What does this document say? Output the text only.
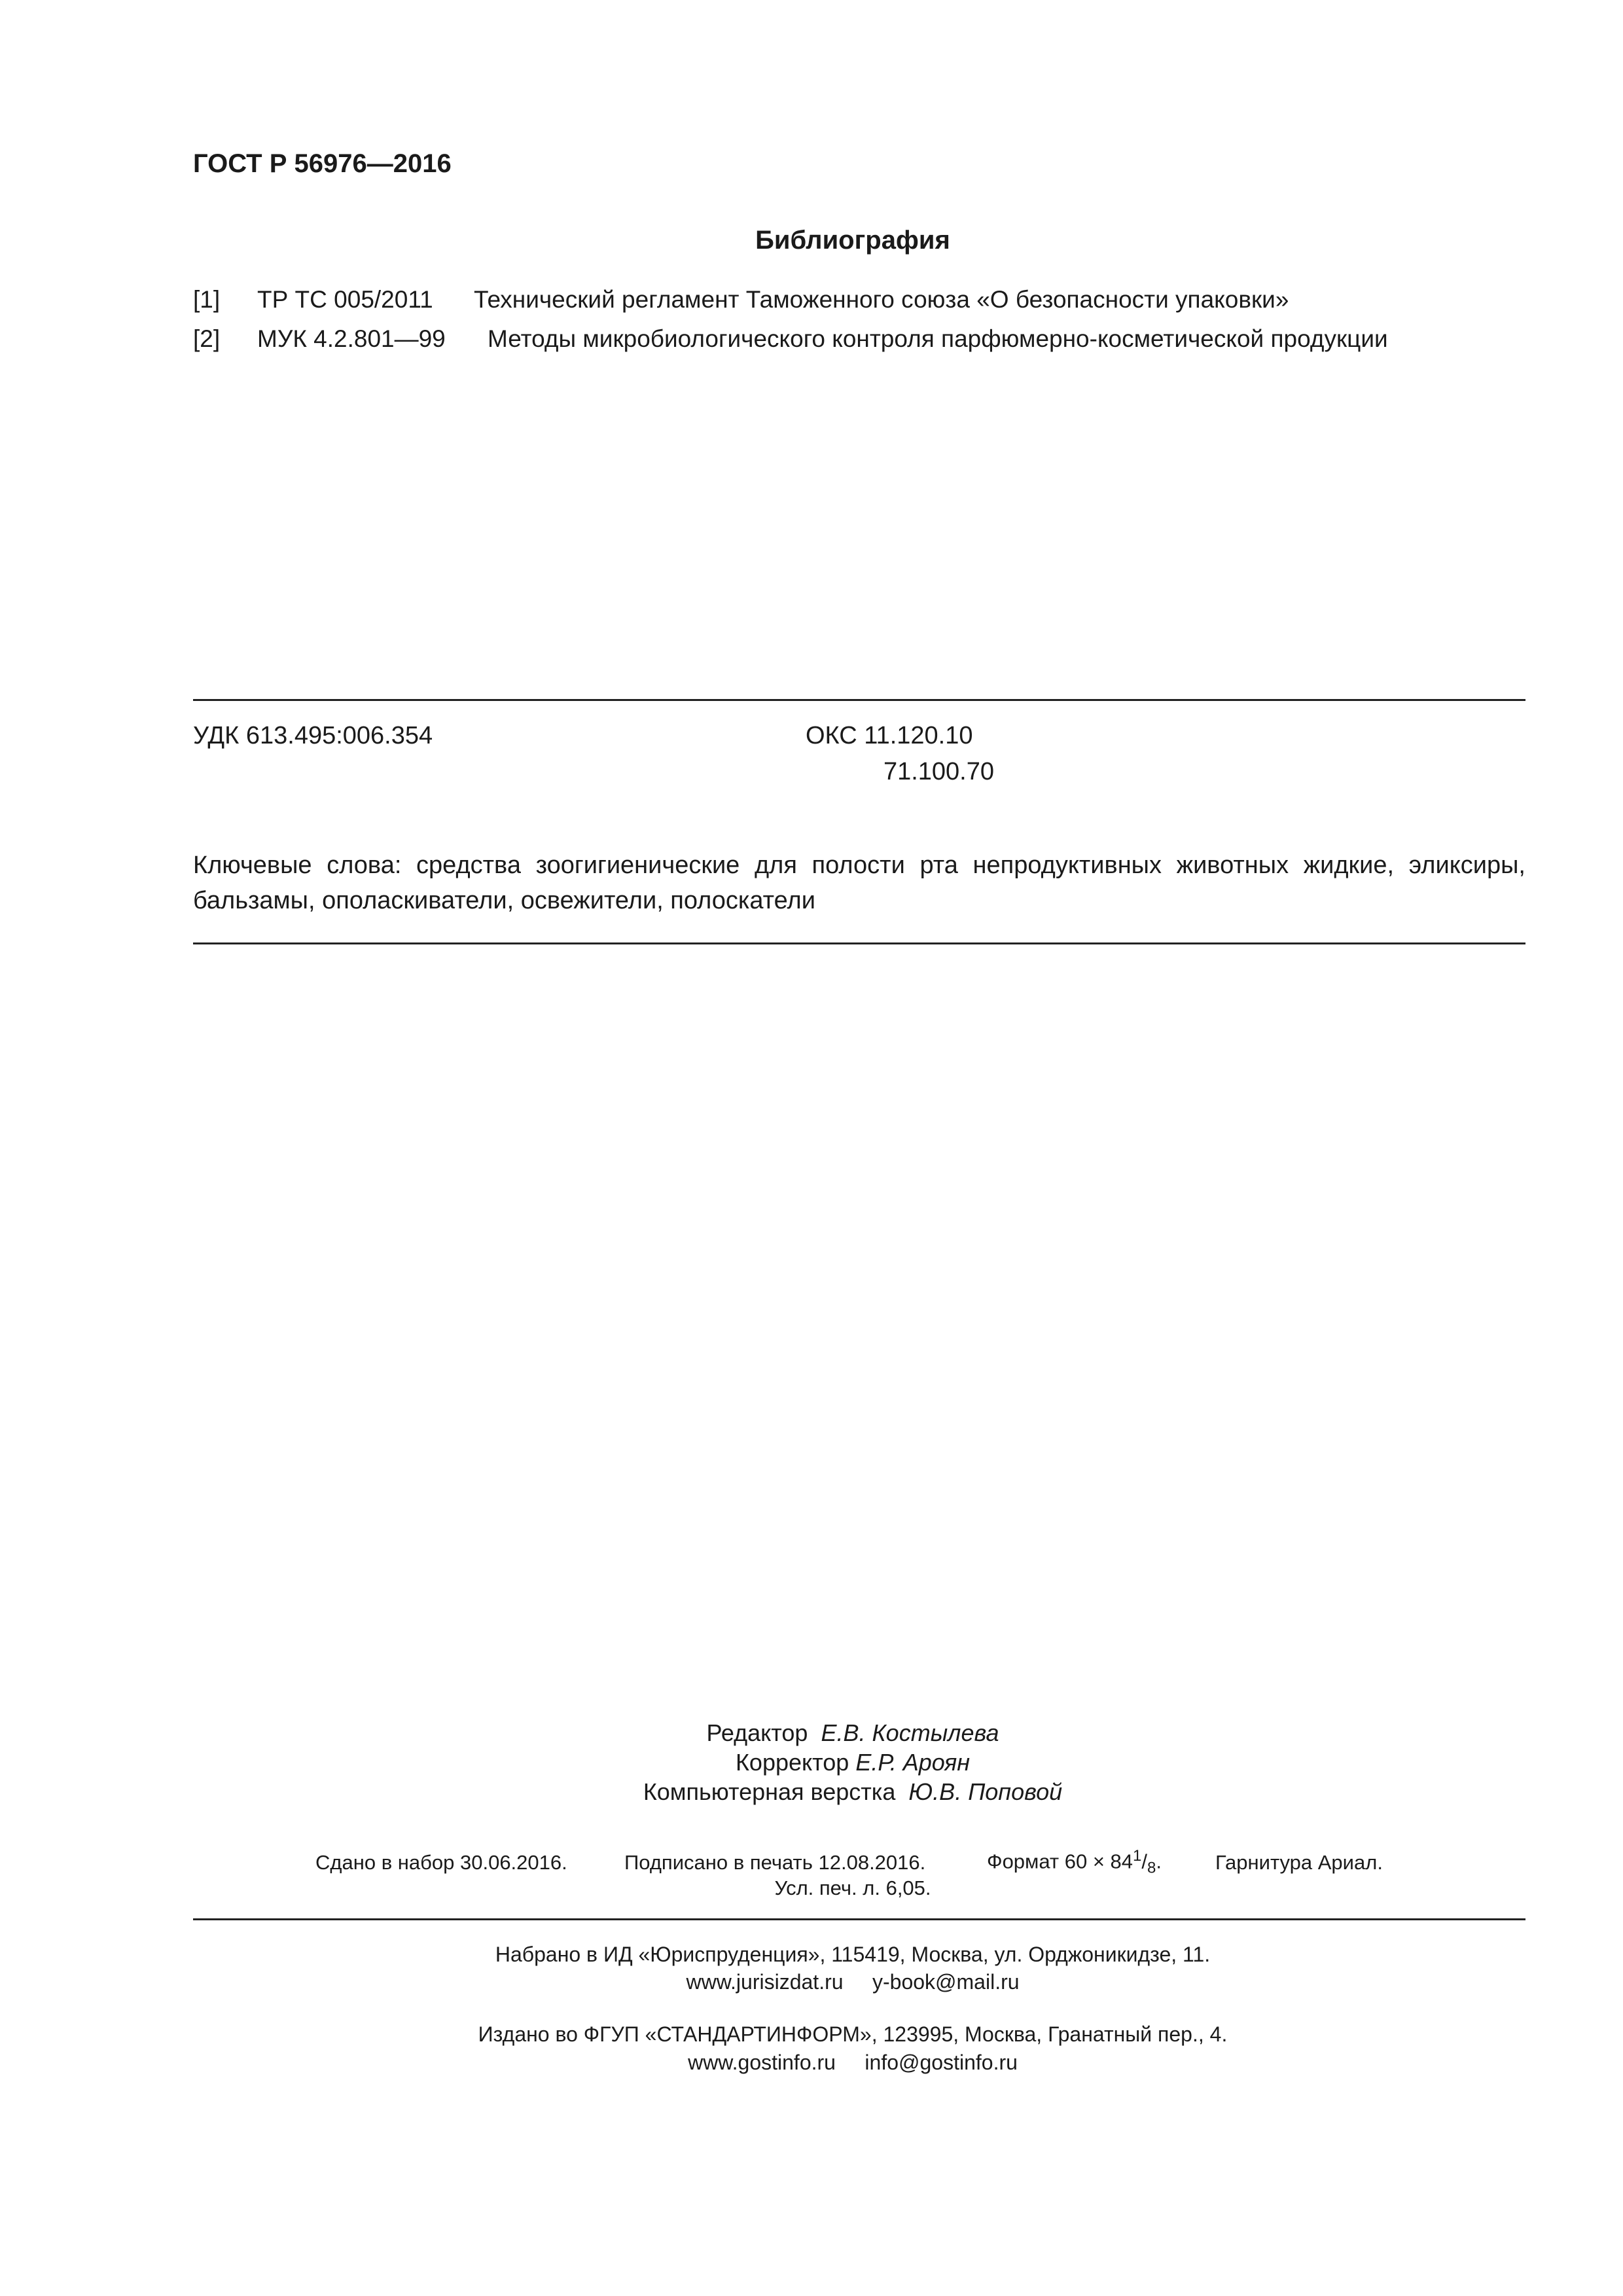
ГОСТ Р 56976—2016
Библиография
[1] ТР ТС 005/2011 Технический регламент Таможенного союза «О безопасности упаковки»
[2] МУК 4.2.801—99 Методы микробиологического контроля парфюмерно-косметической продукции
УДК 613.495:006.354	ОКС 11.120.10
71.100.70
Ключевые слова: средства зоогигиенические для полости рта непродуктивных животных жидкие, эликсиры, бальзамы, ополаскиватели, освежители, полоскатели
Редактор Е.В. Костылева
Корректор Е.Р. Ароян
Компьютерная верстка Ю.В. Поповой
Сдано в набор 30.06.2016.	Подписано в печать 12.08.2016.	Формат $60 \times 84^1/_8$.	Гарнитура Ариал.
Усл. печ. л. 6,05.
Набрано в ИД «Юриспруденция», 115419, Москва, ул. Орджоникидзе, 11.
www.jurisizdat.ru y-book@mail.ru
Издано во ФГУП «СТАНДАРТИНФОРМ», 123995, Москва, Гранатный пер., 4.
www.gostinfo.ru info@gostinfo.ru
